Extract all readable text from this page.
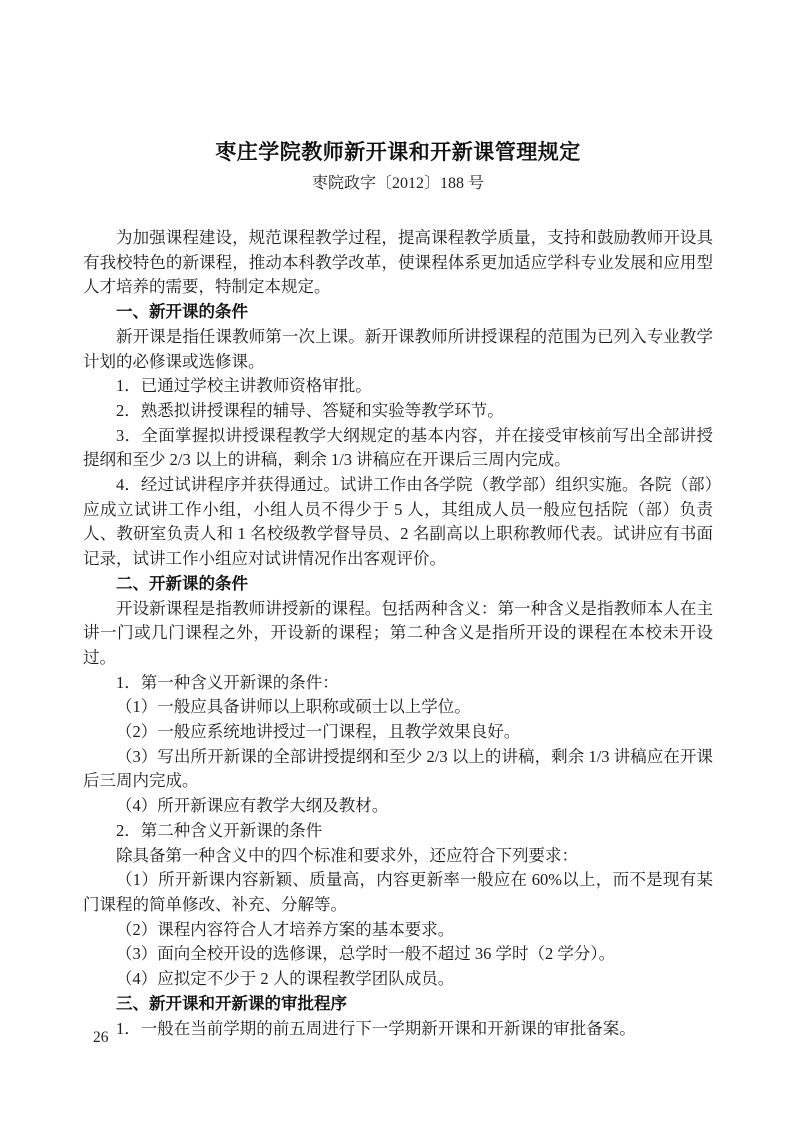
枣庄学院教师新开课和开新课管理规定
枣院政字〔2012〕188 号

为加强课程建设，规范课程教学过程，提高课程教学质量，支持和鼓励教师开设具有我校特色的新课程，推动本科教学改革，使课程体系更加适应学科专业发展和应用型人才培养的需要，特制定本规定。

一、新开课的条件

新开课是指任课教师第一次上课。新开课教师所讲授课程的范围为已列入专业教学计划的必修课或选修课。

1．已通过学校主讲教师资格审批。

2．熟悉拟讲授课程的辅导、答疑和实验等教学环节。

3．全面掌握拟讲授课程教学大纲规定的基本内容，并在接受审核前写出全部讲授提纲和至少 2/3 以上的讲稿，剩余 1/3 讲稿应在开课后三周内完成。

4．经过试讲程序并获得通过。试讲工作由各学院（教学部）组织实施。各院（部）应成立试讲工作小组，小组人员不得少于 5 人，其组成人员一般应包括院（部）负责人、教研室负责人和 1 名校级教学督导员、2 名副高以上职称教师代表。试讲应有书面记录，试讲工作小组应对试讲情况作出客观评价。

二、开新课的条件

开设新课程是指教师讲授新的课程。包括两种含义：第一种含义是指教师本人在主讲一门或几门课程之外，开设新的课程；第二种含义是指所开设的课程在本校未开设过。

1．第一种含义开新课的条件：

（1）一般应具备讲师以上职称或硕士以上学位。

（2）一般应系统地讲授过一门课程，且教学效果良好。

（3）写出所开新课的全部讲授提纲和至少 2/3 以上的讲稿，剩余 1/3 讲稿应在开课后三周内完成。

（4）所开新课应有教学大纲及教材。

2．第二种含义开新课的条件

除具备第一种含义中的四个标准和要求外，还应符合下列要求：

（1）所开新课内容新颖、质量高，内容更新率一般应在 60%以上，而不是现有某门课程的简单修改、补充、分解等。

（2）课程内容符合人才培养方案的基本要求。

（3）面向全校开设的选修课，总学时一般不超过 36 学时（2 学分）。

（4）应拟定不少于 2 人的课程教学团队成员。

三、新开课和开新课的审批程序

1．一般在当前学期的前五周进行下一学期新开课和开新课的审批备案。

26
